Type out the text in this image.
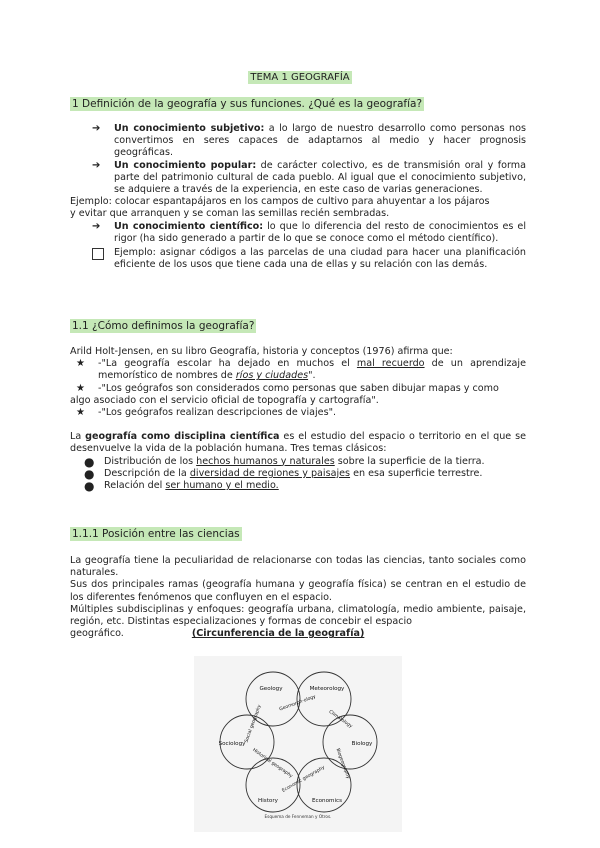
TEMA 1 GEOGRAFÍA

1 Definición de la geografía y sus funciones. ¿Qué es la geografía?

➔ Un conocimiento subjetivo: a lo largo de nuestro desarrollo como personas nos convertimos en seres capaces de adaptarnos al medio y hacer prognosis geográficas.

➔ Un conocimiento popular: de carácter colectivo, es de transmisión oral y forma parte del patrimonio cultural de cada pueblo. Al igual que el conocimiento subjetivo, se adquiere a través de la experiencia, en este caso de varias generaciones.

Ejemplo: colocar espantapájaros en los campos de cultivo para ahuyentar a los pájaros

y evitar que arranquen y se coman las semillas recién sembradas.

➔ Un conocimiento científico: lo que lo diferencia del resto de conocimientos es el rigor (ha sido generado a partir de lo que se conoce como el método científico).

Ejemplo: asignar códigos a las parcelas de una ciudad para hacer una planificación eficiente de los usos que tiene cada una de ellas y su relación con las demás.

1.1 ¿Cómo definimos la geografía?

Arild Holt-Jensen, en su libro Geografía, historia y conceptos (1976) afirma que:

★ -"La geografía escolar ha dejado en muchos el mal recuerdo de un aprendizaje memorístico de nombres de ríos y ciudades".

★ -"Los geógrafos son considerados como personas que saben dibujar mapas y como

algo asociado con el servicio oficial de topografía y cartografía".

★ -"Los geógrafos realizan descripciones de viajes".

La geografía como disciplina científica es el estudio del espacio o territorio en el que se desenvuelve la vida de la población humana. Tres temas clásicos:

● Distribución de los hechos humanos y naturales sobre la superficie de la tierra.

● Descripción de la diversidad de regiones y paisajes en esa superficie terrestre.

● Relación del ser humano y el medio.

1.1.1 Posición entre las ciencias

La geografía tiene la peculiaridad de relacionarse con todas las ciencias, tanto sociales como naturales.

Sus dos principales ramas (geografía humana y geografía física) se centran en el estudio de los diferentes fenómenos que confluyen en el espacio.

Múltiples subdisciplinas y enfoques: geografía urbana, climatología, medio ambiente, paisaje, región, etc. Distintas especializaciones y formas de concebir el espacio

geográfico.	(Circunferencia de la geografía)

Geology	Meteorology
Biology
Economics
History
Sociology
Geomorph-ology
Climatology
Biogeography
Economic geography
Historical geography
Social geography
Esquema de Fenneman y Otros.
